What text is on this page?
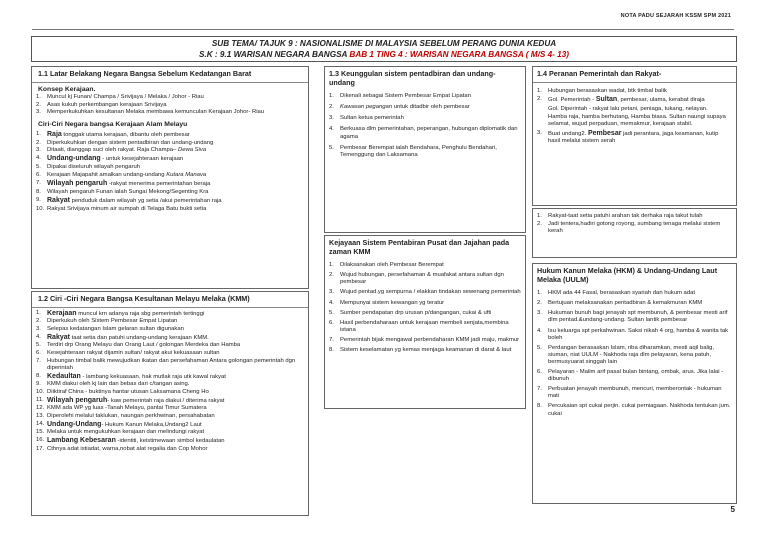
NOTA PADU SEJARAH KSSM SPM 2021
SUB TEMA/ TAJUK 9 : NASIONALISME DI MALAYSIA SEBELUM PERANG DUNIA KEDUA
S.K : 9.1 WARISAN NEGARA BANGSA BAB 1 TING 4 : WARISAN NEGARA BANGSA ( M/S 4- 13)
1.1 Latar Belakang Negara Bangsa Sebelum Kedatangan Barat
Konsep Kerajaan.
1.	Muncul kj Funan/ Champa / Srivijaya / Melaka / Johor - Riau
2.	Asas kukuh perkembangan kerajaan Srivijaya
3.	Memperkukuhkan kesultanan Melaka membawa kemunculan Kerajaan Johor- Riau
Ciri-Ciri Negara bangsa Kerajaan Alam Melayu
1. Raja tonggak utama kerajaan, dibantu oleh pembesar
2.	Diperkukuhkan dengan sistem pentadbiran dan undang-undang
3.	Ditaati, dianggap suci oleh rakyat. Raja Champa– Dewa Siva
4. Undang-undang - untuk kesejahteraan kerajaan
5.	Dipakai diseluruh wilayah pengaruh
6.	Kerajaan Majapahit amalkan undang-undang Kutara Manava
7. Wilayah pengaruh -rakyat menerima pemerintahan beraja
8.	Wilayah pengaruh Funan ialah Sungai Mekong/Segenting Kra
9. Rakyat penduduk dalam wilayah yg setia /akui pemerintahan raja
10. Rakyat Srivijaya minum air sumpah di Telaga Batu bukti setia
1.2 Ciri -Ciri Negara Bangsa Kesultanan Melayu Melaka (KMM)
1. Kerajaan muncul krn adanya raja sbg pemerintah tertinggi
2.	Diperkukuh oleh Sistem Pembesar Empat Lipatan
3.	Selepas kedatangan Islam gelaran sultan digunakan
4. Rakyat taat setia dan patuhi undang-undang kerajaan KMM.
5.	Terdiri drp Orang Melayu dan Orang Laut / golongan Merdeka dan Hamba
6.	Kesejahteraan rakyat dijamin sultan/ rakyat akui kekuasaan sultan
7.	Hubungan timbal balik mewujudkan ikatan dan persefahaman Antara golongan pemerintah dgn diperintah
8. Kedaultan - lambang kekuasaan, hak mutlak raja utk kawal rakyat
9.	KMM diakui oleh kj lain dan bebas dari c/tangan asing.
10. Diiktiraf China - buktinya hantar utusan Laksamana Cheng Ho
11. Wilayah pengaruh- kaw pemerintah raja diakui / diterima rakyat
12. KMM ada WP yg luas -Tanah Melayu, pantai Timur Sumatera
13. Diperolehi melalui taklukan, naungan perkhwinan, persahabatan
14. Undang-Undang- Hukum Kanun Melaka,Undang2 Laut
15. Melaka untuk mengukuhkan kerajaan dan melindungi rakyat
16. Lambang Kebesaran -identiti, keistimewaan simbol kedaulatan
17. Cthnya adat istiadat, warna,nobat alat regalia dan Cop Mohor
1.3 Keunggulan sistem pentadbiran dan undang-undang
1.	Dikenali sebagai Sistem Pembesar Empat Lipatan
2.	Kawasan pegangan untuk ditadbir oleh pembesar
3.	Sultan ketua pemerintah
4.	Berkuasa dlm pemerintahan, peperangan, hubungan diplomatik dan agama
5.	Pembesar Berempat ialah Bendahara, Penghulu Bendahari, Temenggung dan Laksamana
Kejayaan Sistem Pentabiran Pusat dan Jajahan pada zaman KMM
1.	Dilaksanakan oleh Pembesar Berempat
2.	Wujud hubungan, persefahaman & muafakat antara sultan dgn pembesar
3.	Wujud pentad.yg sempurna / elakkan tindakan sewenang pemerintah
4.	Mempunyai sistem kewangan yg teratur
5.	Sumber pendapatan drp urusan p/dangangan, cukai & ufti
6.	Hasil perbendaharaan untuk kerajaan membeli senjata,membina istana
7.	Pemerintah bijak mengawal perbendaharan KMM jadi maju, makmur
8.	Sistem keselamatan yg kemas menjaga keamanan di darat & laut
1.4 Peranan Pemerintah dan Rakyat-
1.	Hubungan berasaskan wadat, btk timbal balik
2.	Gol. Pemerintah - Sultan, pembesar, ulama, kerabat diraja
Gol. Diperintah - rakyat lalu petani, peniaga, tukang, nelayan.
Hamba raja, hamba berhutang, Hamba biasa. Sultan naungi supaya selamat, wujud perpaduan, memakmur, kerajaan stabil.
3.	Buat undang2. Pembesar jadi perantara, jaga keamanan, kutip hasil melalui sistem serah
1.	Rakyat-taat setia patuhi arahan tak derhaka raja takut tulah
2.	Jadi tentera,hadiri gotong royong, sumbang tenaga melalui sistem kerah
Hukum Kanun Melaka (HKM) & Undang-Undang Laut Melaka (UULM)
1.	HKM ada 44 Fasal, berasaskan syariah dan hukum adat
2.	Bertujuan melaksanakan pentadbiran & kemakmuran KMM
3.	Hukuman bunuh bagi jenayah spt membunuh, & pembesar mesti arif dlm pentad.&undang-undang. Sultan lantik pembesar
4.	Isu keluarga spt perkahwinan. Saksi nikah 4 org, hamba & wanita tak boleh
5.	Perdangan berasaskan Islam, riba diharamkan, mesti aqil balig, siuman, niat UULM - Nakhoda raja dlm pelayaran, kena patuh, bermusyuarat singgah lain
6.	Pelayaran - Malim arif pasal bulan bintang, ombak, arus. Jika lalai - dibunuh
7.	Perbuatan jenayah membunuh, mencuri, memberontak - hukuman mati
8.	Percukaian spt cukai perjin. cukai perniagaan. Nakhoda tentukan jum. cukai
5
